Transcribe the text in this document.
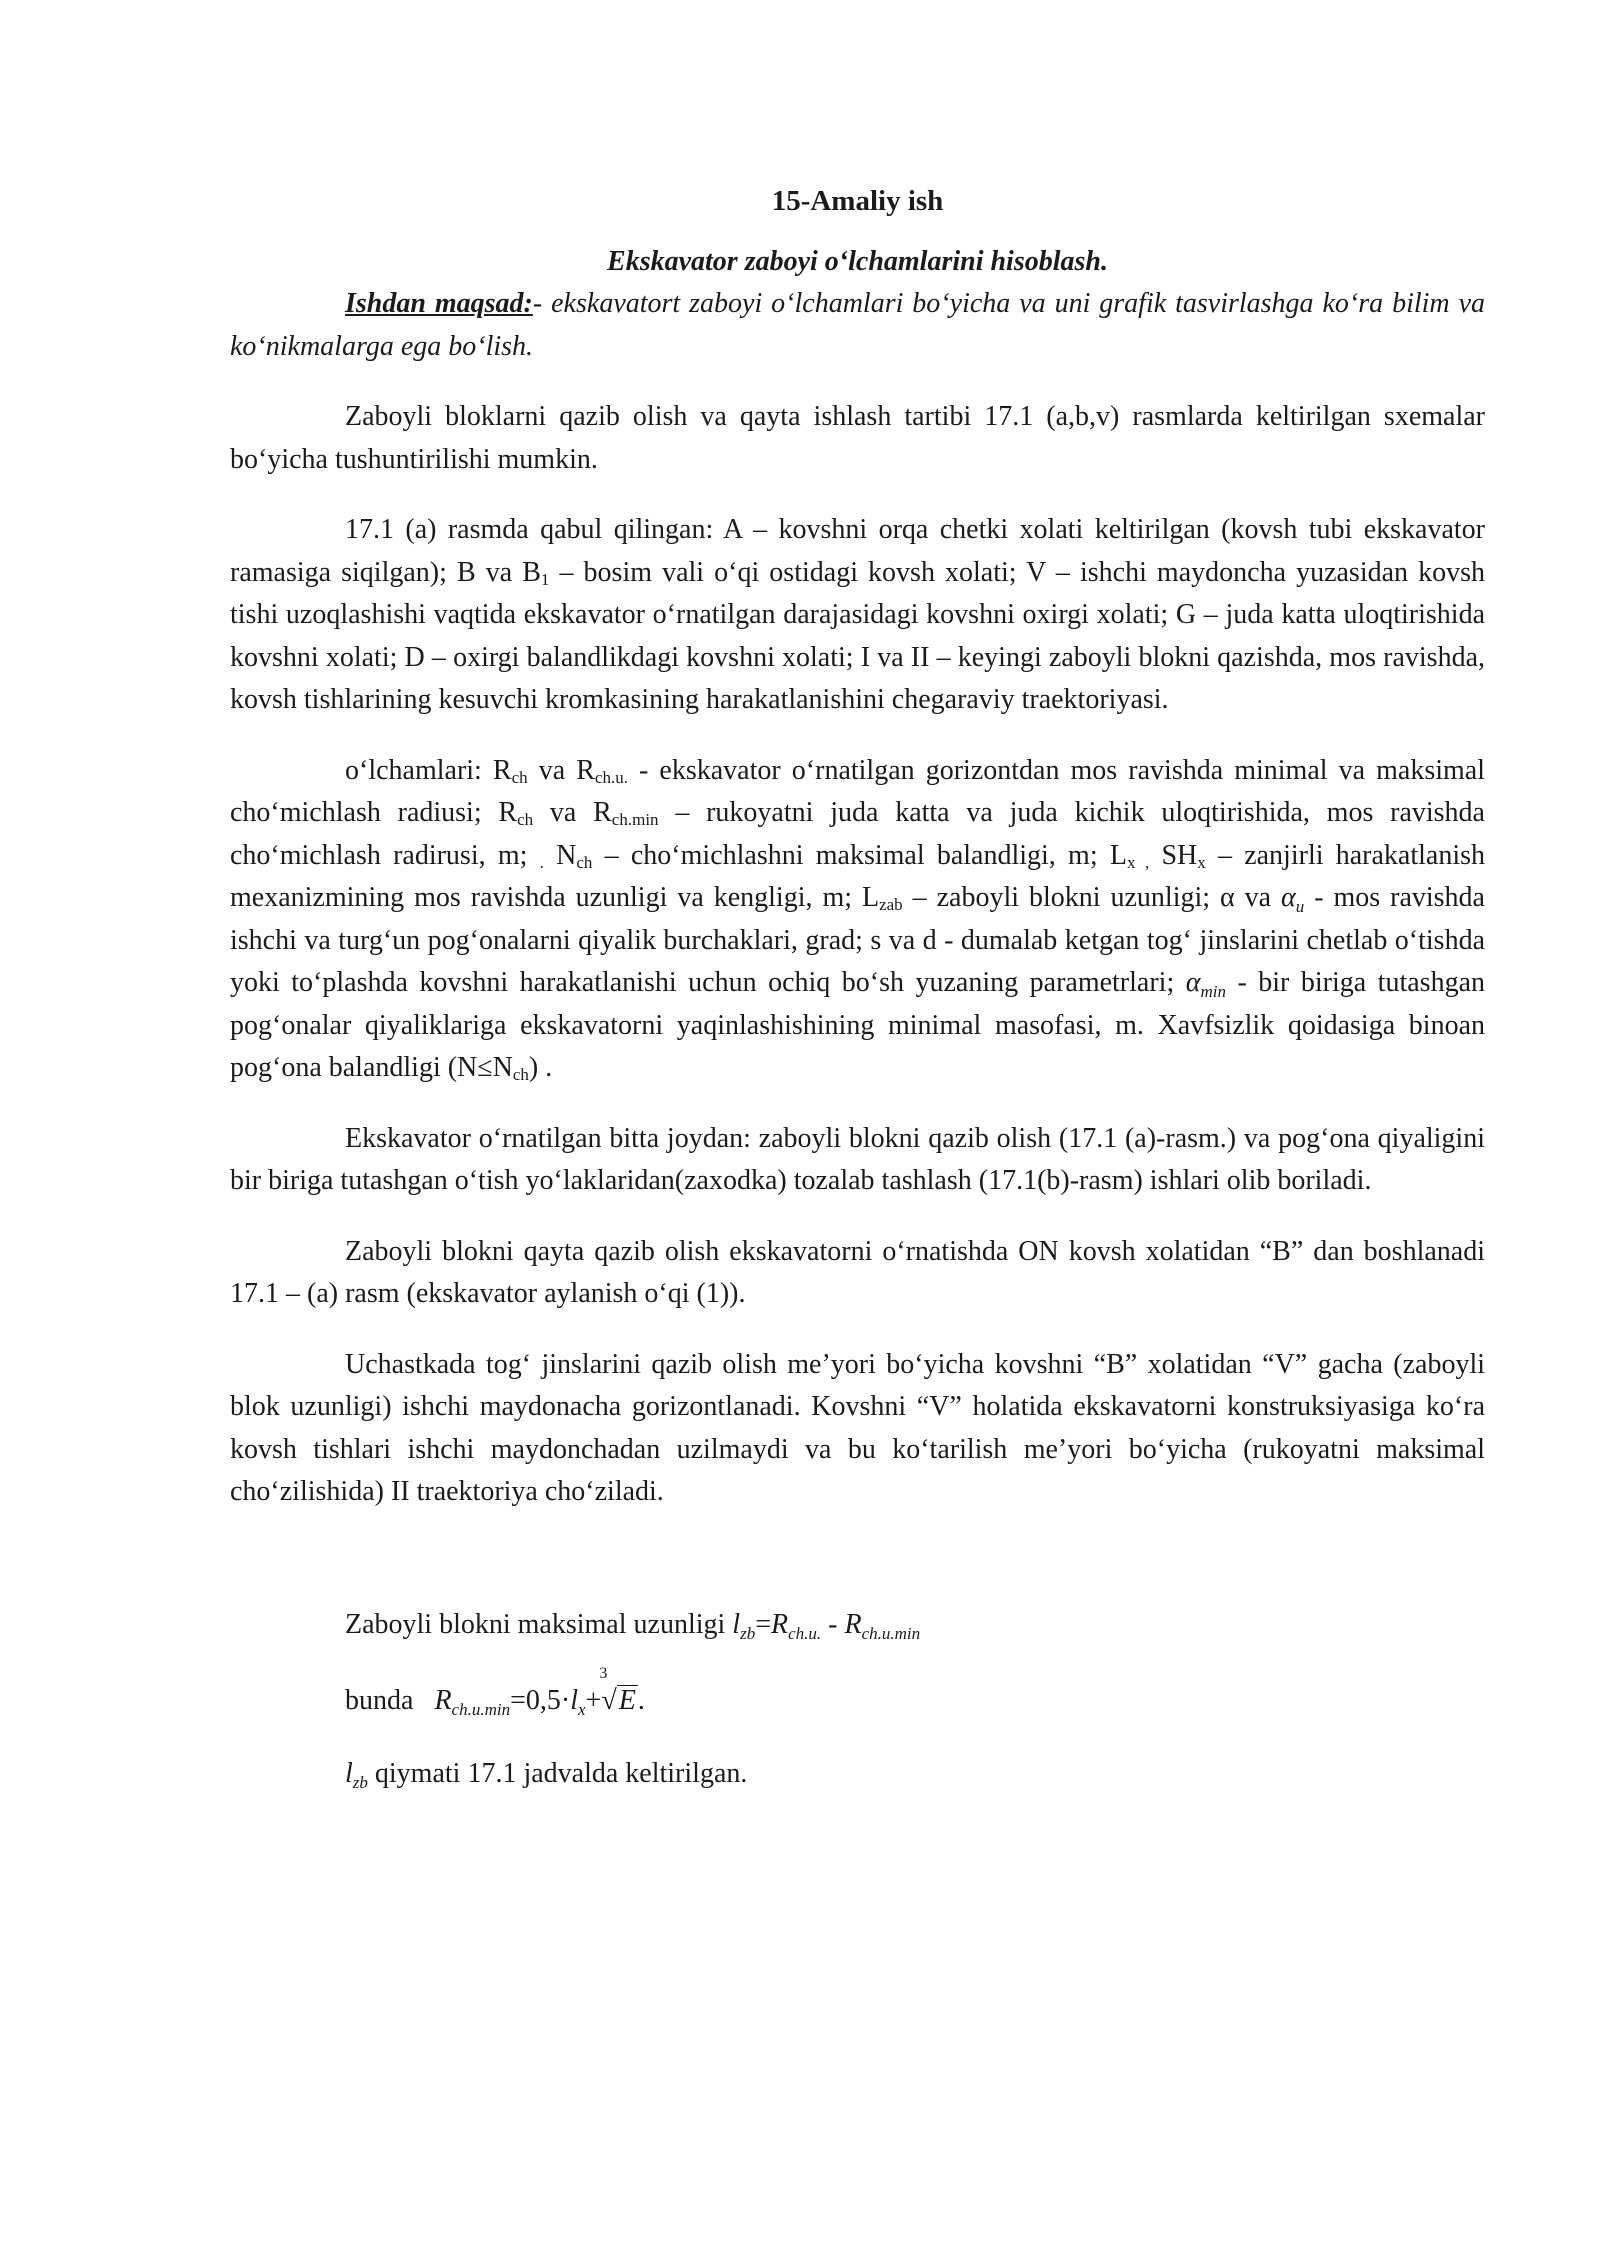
15-Amaliy ish
Ekskavator zaboyi o‘lchamlarini hisoblash.

Ishdan maqsad:- ekskavatort zaboyi o‘lchamlari bo‘yicha va uni grafik tasvirlashga ko‘ra bilim va ko‘nikmalarga ega bo‘lish.

Zaboyli bloklarni qazib olish va qayta ishlash tartibi 17.1 (a,b,v) rasmlarda keltirilgan sxemalar bo‘yicha tushuntirilishi mumkin.

17.1 (a) rasmda qabul qilingan: A – kovshni orqa chetki xolati keltirilgan (kovsh tubi ekskavator ramasiga siqilgan); B va $B_1$ – bosim vali o‘qi ostidagi kovsh xolati; V – ishchi maydoncha yuzasidan kovsh tishi uzoqlashishi vaqtida ekskavator o‘rnatilgan darajasidagi kovshni oxirgi xolati; G – juda katta uloqtirishida kovshni xolati; D – oxirgi balandlikdagi kovshni xolati; I va II – keyingi zaboyli blokni qazishda, mos ravishda, kovsh tishlarining kesuvchi kromkasining harakatlanishini chegaraviy traektoriyasi.

o‘lchamlari: $R_{ch}$ va $R_{ch.u.}$ - ekskavator o‘rnatilgan gorizontdan mos ravishda minimal va maksimal cho‘michlash radiusi; $R_{ch}$ va $R_{ch.min}$ – rukoyatni juda katta va juda kichik uloqtirishida, mos ravishda cho‘michlash radirusi, m; $_.$ $N_{ch}$ – cho‘michlashni maksimal balandligi, m; $L_{x ,}$ $SH_x$ – zanjirli harakatlanish mexanizmining mos ravishda uzunligi va kengligi, m; $L_{zab}$ – zaboyli blokni uzunligi; α va $\alpha_u$ - mos ravishda ishchi va turg‘un pog‘onalarni qiyalik burchaklari, grad; s va d - dumalab ketgan tog‘ jinslarini chetlab o‘tishda yoki to‘plashda kovshni harakatlanishi uchun ochiq bo‘sh yuzaning parametrlari; $\alpha_{min}$ - bir biriga tutashgan pog‘onalar qiyaliklariga ekskavatorni yaqinlashishining minimal masofasi, m. Xavfsizlik qoidasiga binoan pog‘ona balandligi $(N\le N_{ch})$ .

Ekskavator o‘rnatilgan bitta joydan: zaboyli blokni qazib olish (17.1 (a)-rasm.) va pog‘ona qiyaligini bir biriga tutashgan o‘tish yo‘laklaridan(zaxodka) tozalab tashlash (17.1(b)-rasm) ishlari olib boriladi.

Zaboyli blokni qayta qazib olish ekskavatorni o‘rnatishda ON kovsh xolatidan “B” dan boshlanadi 17.1 – (a) rasm (ekskavator aylanish o‘qi (1)).

Uchastkada tog‘ jinslarini qazib olish me’yori bo‘yicha kovshni “B” xolatidan “V” gacha (zaboyli blok uzunligi) ishchi maydonacha gorizontlanadi. Kovshni “V” holatida ekskavatorni konstruksiyasiga ko‘ra kovsh tishlari ishchi maydonchadan uzilmaydi va bu ko‘tarilish me’yori bo‘yicha (rukoyatni maksimal cho‘zilishida) II traektoriya cho‘ziladi.

Zaboyli blokni maksimal uzunligi $l_{zb}=R_{ch.u.} - R_{ch.u.min}$
bunda $R_{ch.u.min}=0,5\cdot l_x+$
3
√E.
$l_{zb}$ qiymati 17.1 jadvalda keltirilgan.
